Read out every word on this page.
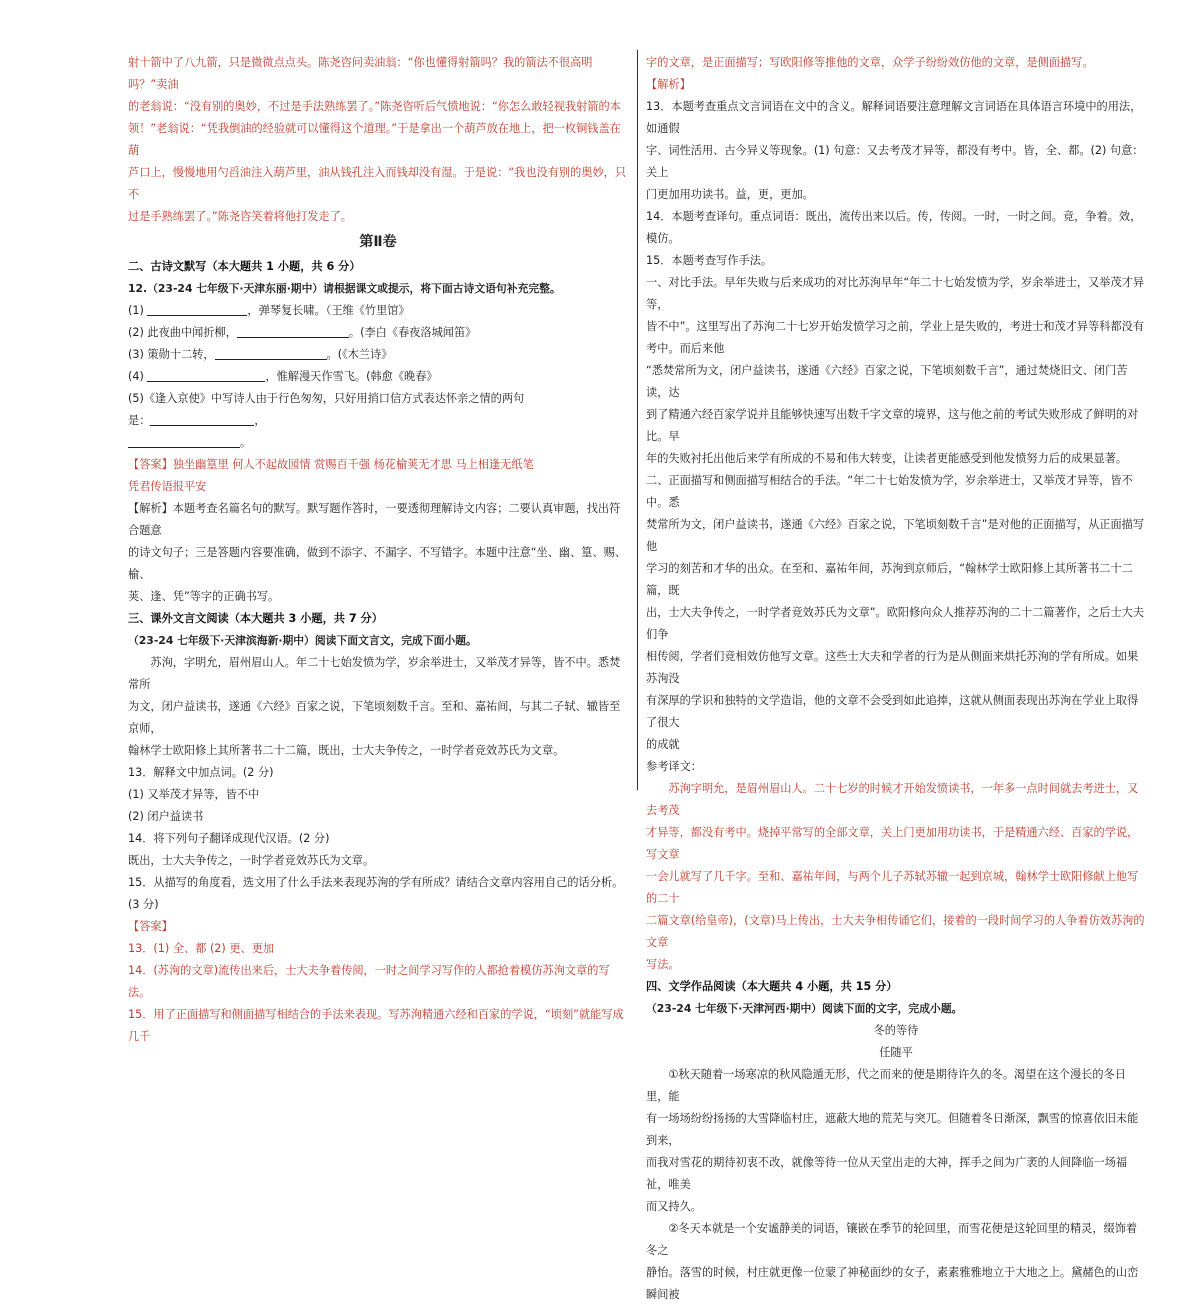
射十箭中了八九箭，只是微微点点头。陈尧咨问卖油翁：“你也懂得射箭吗？我的箭法不很高明吗？”卖油

的老翁说：“没有别的奥妙，不过是手法熟练罢了。”陈尧咨听后气愤地说：“你怎么敢轻视我射箭的本

领！”老翁说：“凭我倒油的经验就可以懂得这个道理。”于是拿出一个葫芦放在地上，把一枚铜钱盖在葫

芦口上，慢慢地用勺舀油注入葫芦里，油从钱孔注入而钱却没有湿。于是说：“我也没有别的奥妙，只不

过是手熟练罢了。”陈尧咨笑着将他打发走了。

第Ⅱ卷

二、古诗文默写（本大题共 1 小题，共 6 分）

12.（23-24 七年级下·天津东丽·期中）请根据课文或提示，将下面古诗文语句补充完整。

(1)	，弹琴复长啸。（王维《竹里馆》

(2) 此夜曲中闻折柳，	。(李白《春夜洛城闻笛》

(3) 策勋十二转，	。(《木兰诗》

(4)	，惟解漫天作雪飞。(韩愈《晚春》

(5)《逢入京使》中写诗人由于行色匆匆，只好用捎口信方式表达怀亲之情的两句

是：	，

。

【答案】独坐幽篁里 何人不起故园情 赏赐百千强 杨花榆荚无才思 马上相逢无纸笔

凭君传语报平安

【解析】本题考查名篇名句的默写。默写题作答时，一要透彻理解诗文内容；二要认真审题，找出符合题意

的诗文句子；三是答题内容要准确，做到不添字、不漏字、不写错字。本题中注意“坐、幽、篁、赐、榆、

荚、逢、凭”等字的正确书写。

三、课外文言文阅读（本大题共 3 小题，共 7 分）

（23-24 七年级下·天津滨海新·期中）阅读下面文言文，完成下面小题。

苏洵，字明允，眉州眉山人。年二十七始发愤为学，岁余举进士，又举茂才异等，皆不中。悉焚常所

为文，闭户益读书，遂通《六经》百家之说，下笔顷刻数千言。至和、嘉祐间，与其二子轼、辙皆至京师，

翰林学士欧阳修上其所著书二十二篇，既出，士大夫争传之，一时学者竞效苏氏为文章。

13．解释文中加点词。(2 分)

(1) 又举茂才异等，皆不中

(2) 闭户益读书

14．将下列句子翻译成现代汉语。(2 分)

既出，士大夫争传之，一时学者竞效苏氏为文章。

15．从描写的角度看，选文用了什么手法来表现苏洵的学有所成？请结合文章内容用自己的话分析。(3 分)

【答案】

13．(1) 全、都 (2) 更、更加

14．(苏洵的文章)流传出来后，士大夫争着传阅，一时之间学习写作的人都抢着模仿苏洵文章的写法。

15．用了正面描写和侧面描写相结合的手法来表现。写苏洵精通六经和百家的学说，“顷刻”就能写成几千

字的文章，是正面描写；写欧阳修等推他的文章，众学子纷纷效仿他的文章，是侧面描写。

【解析】

13．本题考查重点文言词语在文中的含义。解释词语要注意理解文言词语在具体语言环境中的用法，如通假

字、词性活用、古今异义等现象。(1) 句意：又去考茂才异等，都没有考中。皆，全、都。(2) 句意：关上

门更加用功读书。益，更，更加。

14．本题考查译句。重点词语：既出，流传出来以后。传，传阅。一时，一时之间。竞，争着。效，模仿。

15．本题考查写作手法。

一、对比手法。早年失败与后来成功的对比苏洵早年“年二十七始发愤为学，岁余举进士，又举茂才异等，

皆不中”。这里写出了苏洵二十七岁开始发愤学习之前，学业上是失败的，考进士和茂才异等科都没有考中。而后来他

“悉焚常所为文，闭户益读书，遂通《六经》百家之说，下笔顷刻数千言”，通过焚烧旧文、闭门苦读，达

到了精通六经百家学说并且能够快速写出数千字文章的境界，这与他之前的考试失败形成了鲜明的对比。早

年的失败衬托出他后来学有所成的不易和伟大转变，让读者更能感受到他发愤努力后的成果显著。

二、正面描写和侧面描写相结合的手法。“年二十七始发愤为学，岁余举进士，又举茂才异等，皆不中。悉

焚常所为文，闭户益读书，遂通《六经》百家之说，下笔顷刻数千言”是对他的正面描写，从正面描写他

学习的刻苦和才华的出众。在至和、嘉祐年间，苏洵到京师后，“翰林学士欧阳修上其所著书二十二篇，既

出，士大夫争传之，一时学者竞效苏氏为文章”。欧阳修向众人推荐苏洵的二十二篇著作，之后士大夫们争

相传阅，学者们竞相效仿他写文章。这些士大夫和学者的行为是从侧面来烘托苏洵的学有所成。如果苏洵没

有深厚的学识和独特的文学造诣，他的文章不会受到如此追捧，这就从侧面表现出苏洵在学业上取得了很大

的成就

参考译文：

苏洵字明允，是眉州眉山人。二十七岁的时候才开始发愤读书，一年多一点时间就去考进士，又去考茂

才异等，都没有考中。烧掉平常写的全部文章，关上门更加用功读书，于是精通六经、百家的学说，写文章

一会儿就写了几千字。至和、嘉祐年间，与两个儿子苏轼苏辙一起到京城，翰林学士欧阳修献上他写的二十

二篇文章(给皇帝)，(文章)马上传出，士大夫争相传诵它们，接着的一段时间学习的人争着仿效苏洵的文章

写法。

四、文学作品阅读（本大题共 4 小题，共 15 分）

（23-24 七年级下·天津河西·期中）阅读下面的文字，完成小题。

冬的等待

任随平

①秋天随着一场寒凉的秋风隐遁无形，代之而来的便是期待许久的冬。渴望在这个漫长的冬日里，能

有一场场纷纷扬扬的大雪降临村庄，遮蔽大地的荒芜与突兀。但随着冬日渐深，飘雪的惊喜依旧未能到来，

而我对雪花的期待初衷不改，就像等待一位从天堂出走的大神，挥手之间为广袤的人间降临一场福祉，唯美

而又持久。

②冬天本就是一个安谧静美的词语，镶嵌在季节的轮回里，而雪花便是这轮回里的精灵，缀饰着冬之

静怡。落雪的时候，村庄就更像一位蒙了神秘面纱的女子，素素雅雅地立于大地之上。黛赭色的山峦瞬间被
